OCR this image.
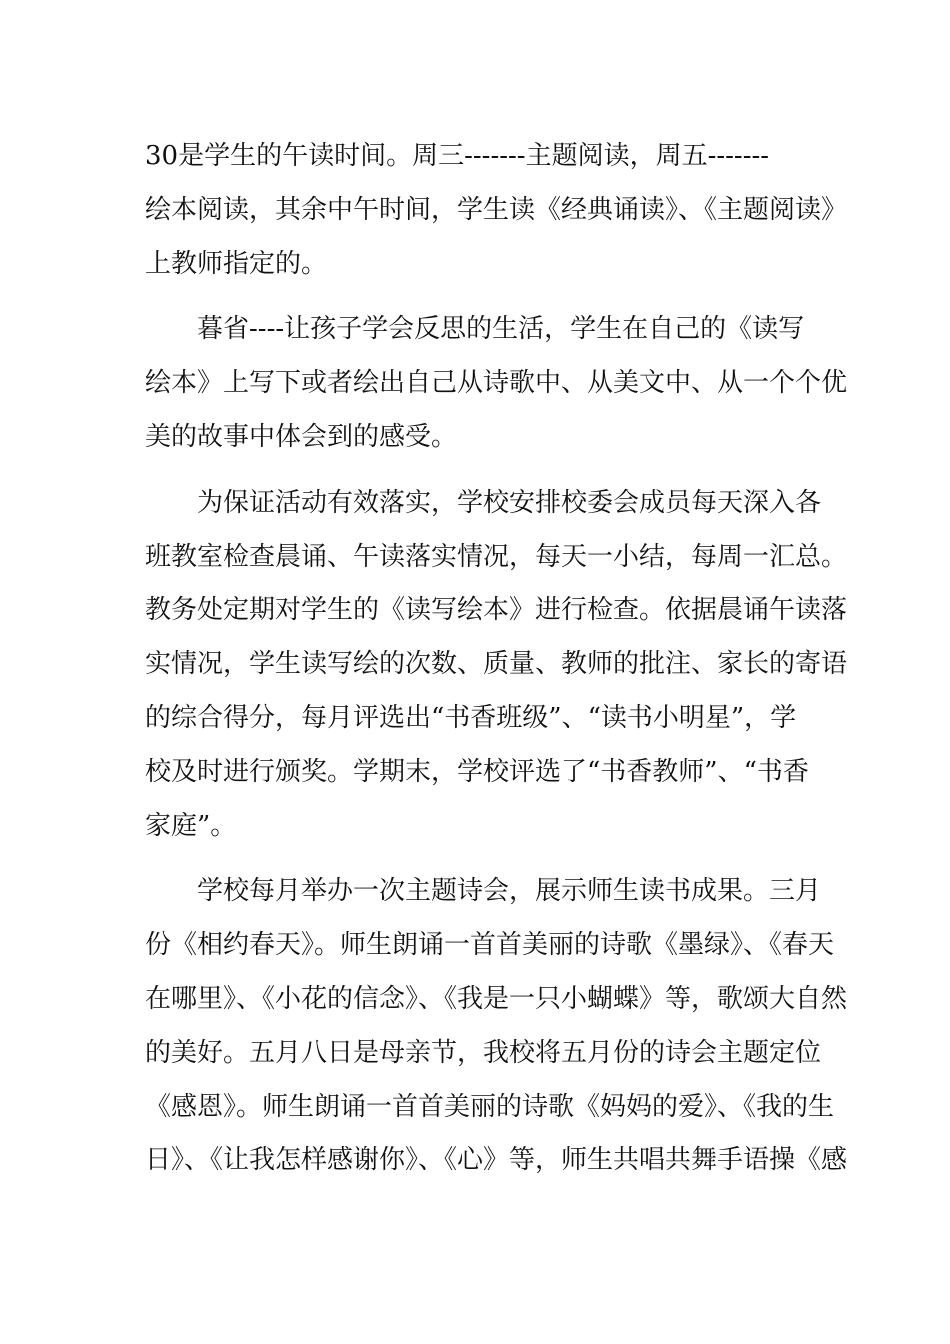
30是学生的午读时间。周三-------主题阅读，周五-------
绘本阅读，其余中午时间，学生读《经典诵读》、《主题阅读》
上教师指定的。
暮省----让孩子学会反思的生活，学生在自己的《读写
绘本》上写下或者绘出自己从诗歌中、从美文中、从一个个优
美的故事中体会到的感受。
为保证活动有效落实，学校安排校委会成员每天深入各
班教室检查晨诵、午读落实情况，每天一小结，每周一汇总。
教务处定期对学生的《读写绘本》进行检查。依据晨诵午读落
实情况，学生读写绘的次数、质量、教师的批注、家长的寄语
的综合得分，每月评选出“书香班级”、“读书小明星”，学
校及时进行颁奖。学期末，学校评选了“书香教师”、“书香
家庭”。
学校每月举办一次主题诗会，展示师生读书成果。三月
份《相约春天》。师生朗诵一首首美丽的诗歌《墨绿》、《春天
在哪里》、《小花的信念》、《我是一只小蝴蝶》等，歌颂大自然
的美好。五月八日是母亲节，我校将五月份的诗会主题定位
《感恩》。师生朗诵一首首美丽的诗歌《妈妈的爱》、《我的生
日》、《让我怎样感谢你》、《心》等，师生共唱共舞手语操《感
